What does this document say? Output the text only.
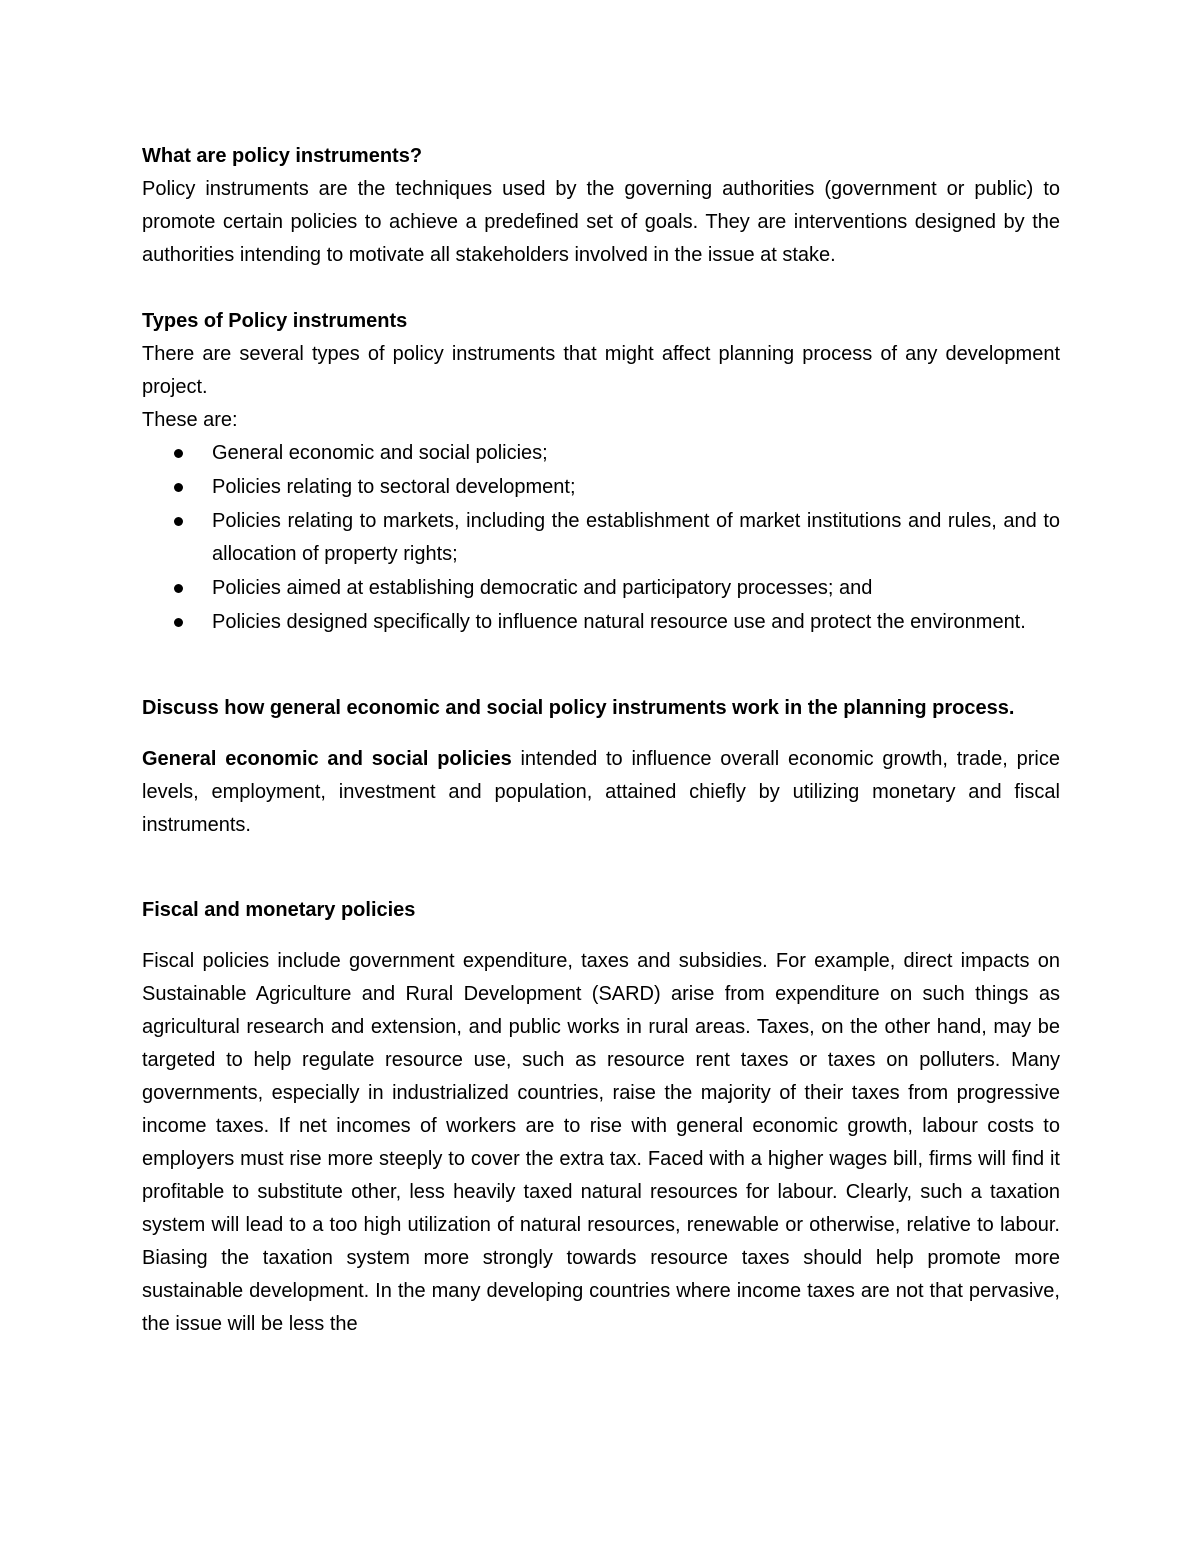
What are policy instruments?

Policy instruments are the techniques used by the governing authorities (government or public) to promote certain policies to achieve a predefined set of goals. They are interventions designed by the authorities intending to motivate all stakeholders involved in the issue at stake.

Types of Policy instruments

There are several types of policy instruments that might affect planning process of any development project.

These are:

General economic and social policies;
Policies relating to sectoral development;
Policies relating to markets, including the establishment of market institutions and rules, and to allocation of property rights;
Policies aimed at establishing democratic and participatory processes; and
Policies designed specifically to influence natural resource use and protect the environment.

Discuss how general economic and social policy instruments work in the planning process.

General economic and social policies intended to influence overall economic growth, trade, price levels, employment, investment and population, attained chiefly by utilizing monetary and fiscal instruments.

Fiscal and monetary policies

Fiscal policies include government expenditure, taxes and subsidies. For example, direct impacts on Sustainable Agriculture and Rural Development (SARD) arise from expenditure on such things as agricultural research and extension, and public works in rural areas. Taxes, on the other hand, may be targeted to help regulate resource use, such as resource rent taxes or taxes on polluters. Many governments, especially in industrialized countries, raise the majority of their taxes from progressive income taxes. If net incomes of workers are to rise with general economic growth, labour costs to employers must rise more steeply to cover the extra tax. Faced with a higher wages bill, firms will find it profitable to substitute other, less heavily taxed natural resources for labour. Clearly, such a taxation system will lead to a too high utilization of natural resources, renewable or otherwise, relative to labour. Biasing the taxation system more strongly towards resource taxes should help promote more sustainable development. In the many developing countries where income taxes are not that pervasive, the issue will be less the
